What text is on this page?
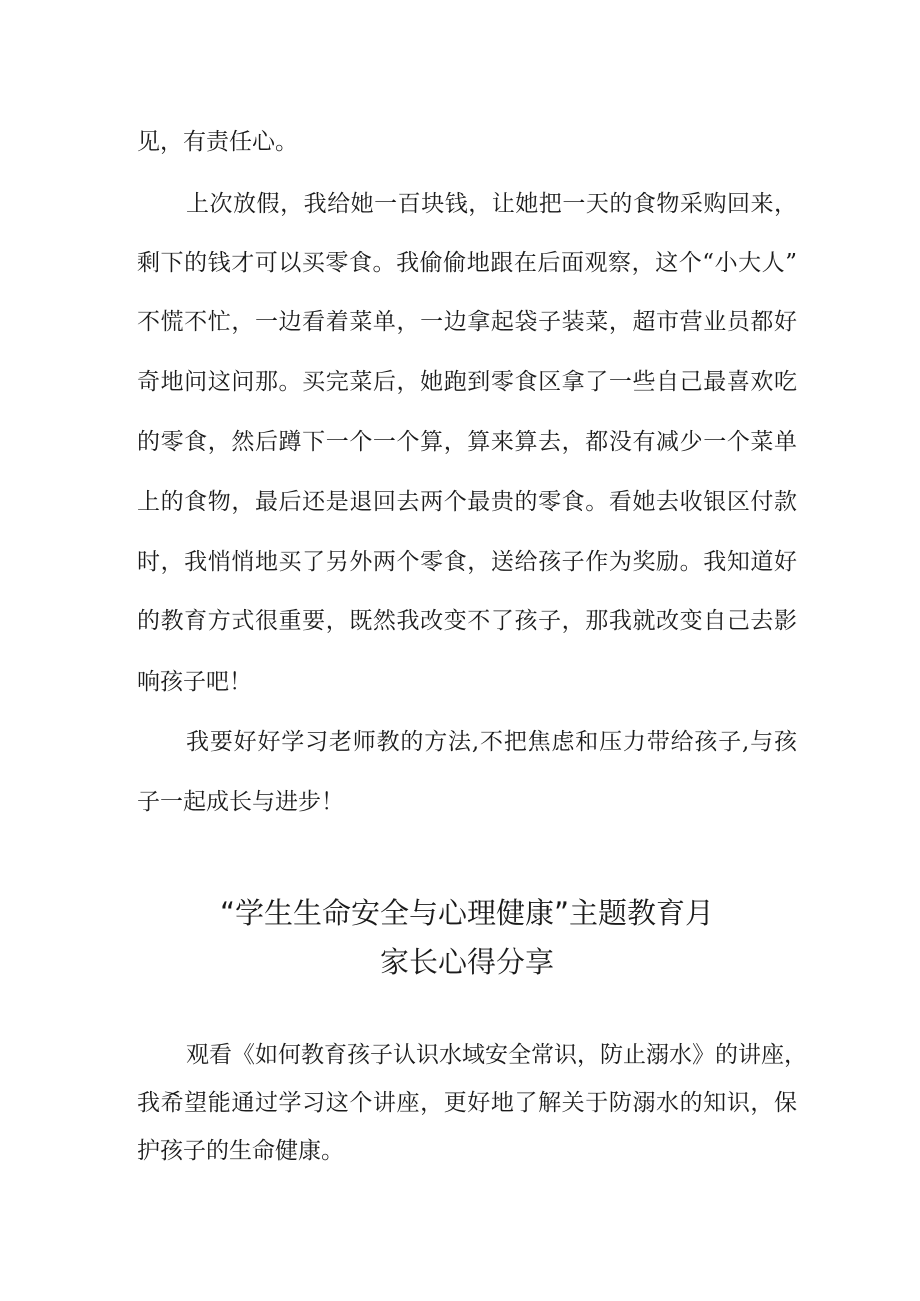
见，有责任心。
上次放假，我给她一百块钱，让她把一天的食物采购回来，
剩下的钱才可以买零食。我偷偷地跟在后面观察，这个“小大人”
不慌不忙，一边看着菜单，一边拿起袋子装菜，超市营业员都好
奇地问这问那。买完菜后，她跑到零食区拿了一些自己最喜欢吃
的零食，然后蹲下一个一个算，算来算去，都没有减少一个菜单
上的食物，最后还是退回去两个最贵的零食。看她去收银区付款
时，我悄悄地买了另外两个零食，送给孩子作为奖励。我知道好
的教育方式很重要，既然我改变不了孩子，那我就改变自己去影
响孩子吧！
我要好好学习老师教的方法,不把焦虑和压力带给孩子,与孩
子一起成长与进步！
“学生生命安全与心理健康”主题教育月
家长心得分享
观看《如何教育孩子认识水域安全常识，防止溺水》的讲座，
我希望能通过学习这个讲座，更好地了解关于防溺水的知识，保
护孩子的生命健康。
